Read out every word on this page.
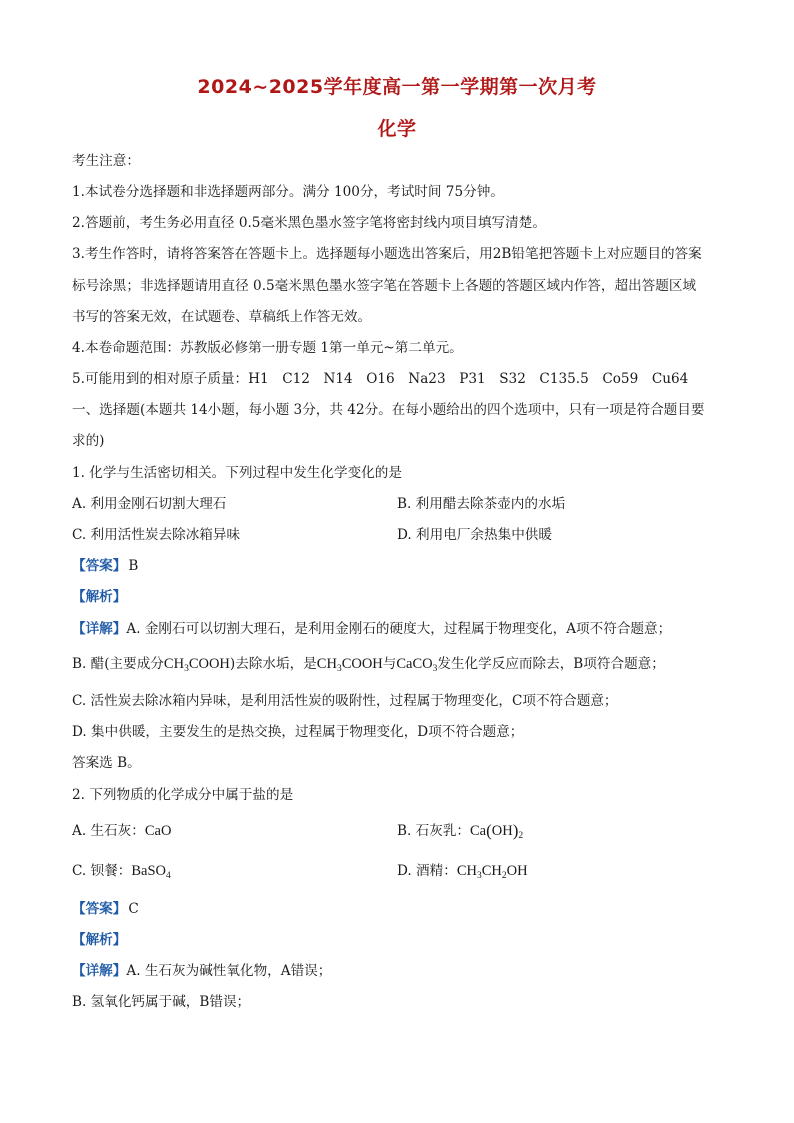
2024~2025学年度高一第一学期第一次月考
化学
考生注意：
1.本试卷分选择题和非选择题两部分。满分 100分，考试时间 75分钟。
2.答题前，考生务必用直径 0.5毫米黑色墨水签字笔将密封线内项目填写清楚。
3.考生作答时，请将答案答在答题卡上。选择题每小题选出答案后，用2B铅笔把答题卡上对应题目的答案
标号涂黑；非选择题请用直径 0.5毫米黑色墨水签字笔在答题卡上各题的答题区域内作答，超出答题区域
书写的答案无效，在试题卷、草稿纸上作答无效。
4.本卷命题范围：苏教版必修第一册专题 1第一单元~第二单元。
5.可能用到的相对原子质量：H1　C12　N14　O16　Na23　P31　S32　C135.5　Co59　Cu64
一、选择题(本题共 14小题，每小题 3分，共 42分。在每小题给出的四个选项中，只有一项是符合题目要
求的)
1. 化学与生活密切相关。下列过程中发生化学变化的是
A. 利用金刚石切割大理石	B. 利用醋去除茶壶内的水垢
C. 利用活性炭去除冰箱异味	D. 利用电厂余热集中供暖
【答案】 B
【解析】
【详解】A. 金刚石可以切割大理石，是利用金刚石的硬度大，过程属于物理变化，A项不符合题意；
B. 醋(主要成分$CH_3COOH$)去除水垢，是$CH_3COOH$与CaCO$_3$发生化学反应而除去，B项符合题意；
C. 活性炭去除冰箱内异味，是利用活性炭的吸附性，过程属于物理变化，C项不符合题意；
D. 集中供暖，主要发生的是热交换，过程属于物理变化，D项不符合题意；
答案选 B。
2. 下列物质的化学成分中属于盐的是
A. 生石灰：CaO	B. 石灰乳：$Ca(OH)_2$
C. 钡餐：BaSO$_4$	D. 酒精：$CH_3CH_2OH$
【答案】 C
【解析】
【详解】A. 生石灰为碱性氧化物，A错误；
B. 氢氧化钙属于碱，B错误；
